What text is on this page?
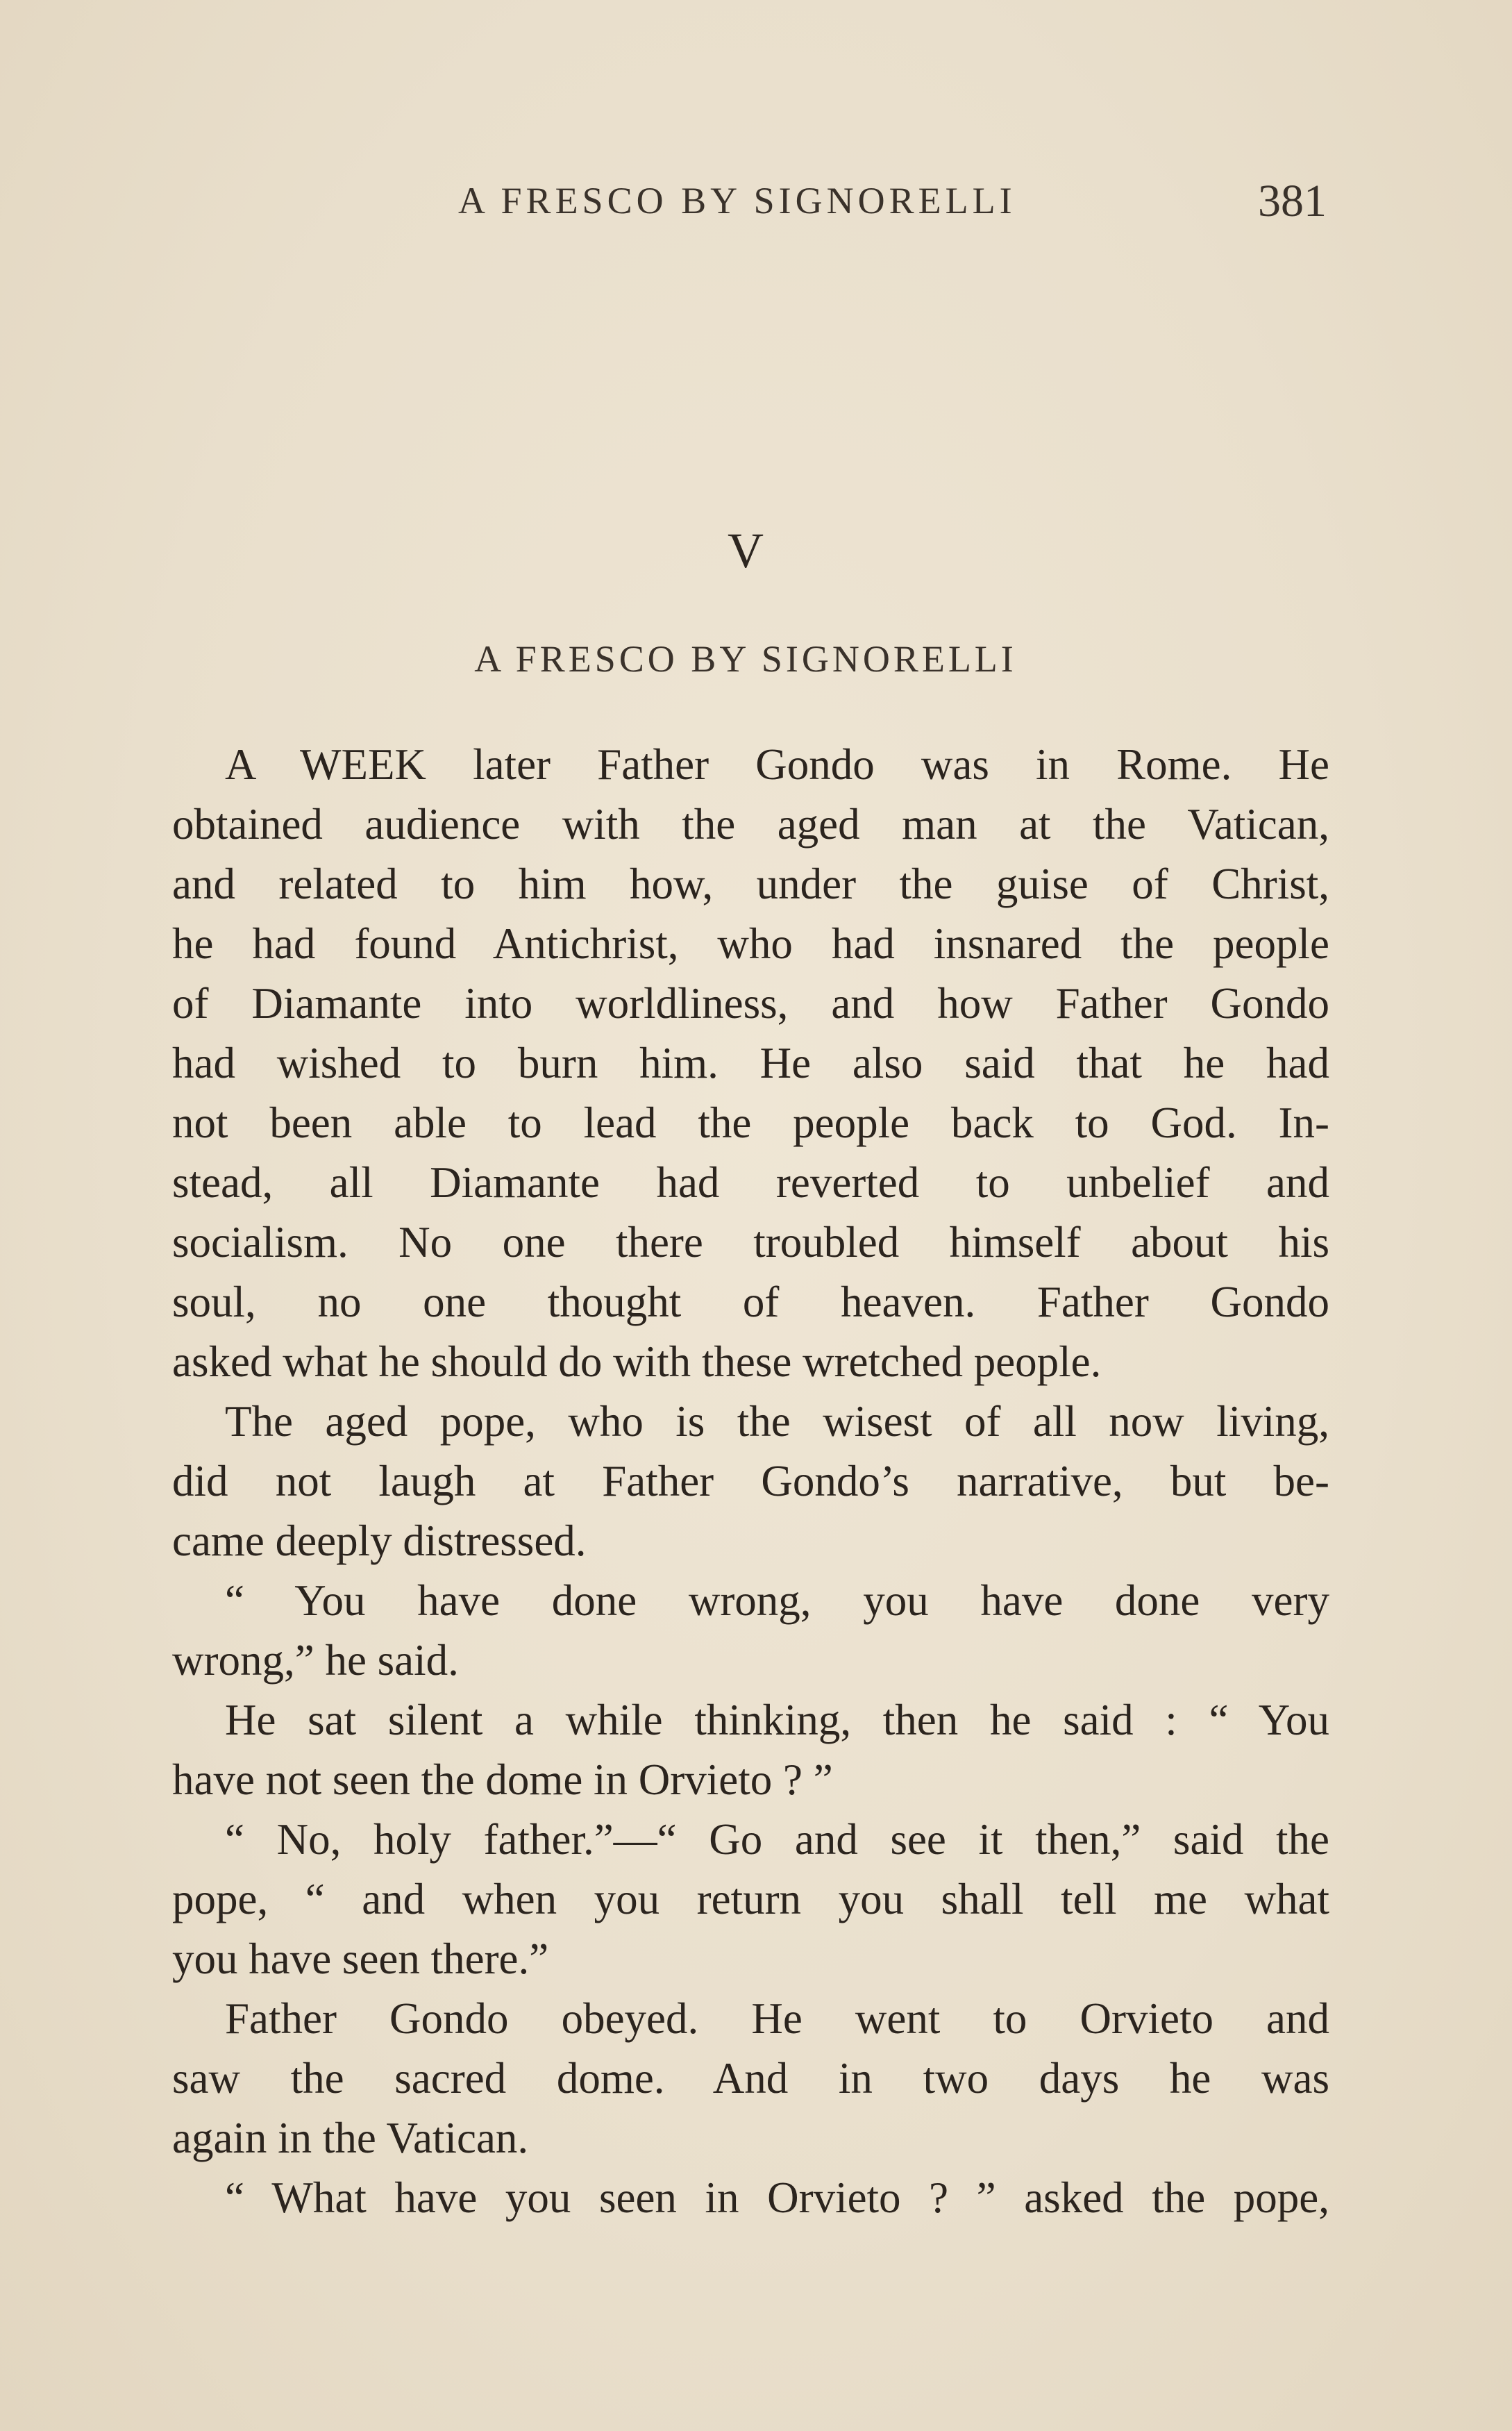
A FRESCO BY SIGNORELLI	381
V
A FRESCO BY SIGNORELLI
A WEEK later Father Gondo was in Rome. He
obtained audience with the aged man at the Vatican,
and related to him how, under the guise of Christ,
he had found Antichrist, who had insnared the people
of Diamante into worldliness, and how Father Gondo
had wished to burn him. He also said that he had
not been able to lead the people back to God. In-
stead, all Diamante had reverted to unbelief and
socialism. No one there troubled himself about his
soul, no one thought of heaven. Father Gondo
asked what he should do with these wretched people.
The aged pope, who is the wisest of all now living,
did not laugh at Father Gondo’s narrative, but be-
came deeply distressed.
“ You have done wrong, you have done very
wrong,” he said.
He sat silent a while thinking, then he said : “ You
have not seen the dome in Orvieto ? ”
“ No, holy father.”—“ Go and see it then,” said the
pope, “ and when you return you shall tell me what
you have seen there.”
Father Gondo obeyed. He went to Orvieto and
saw the sacred dome. And in two days he was
again in the Vatican.
“ What have you seen in Orvieto ? ” asked the pope,
